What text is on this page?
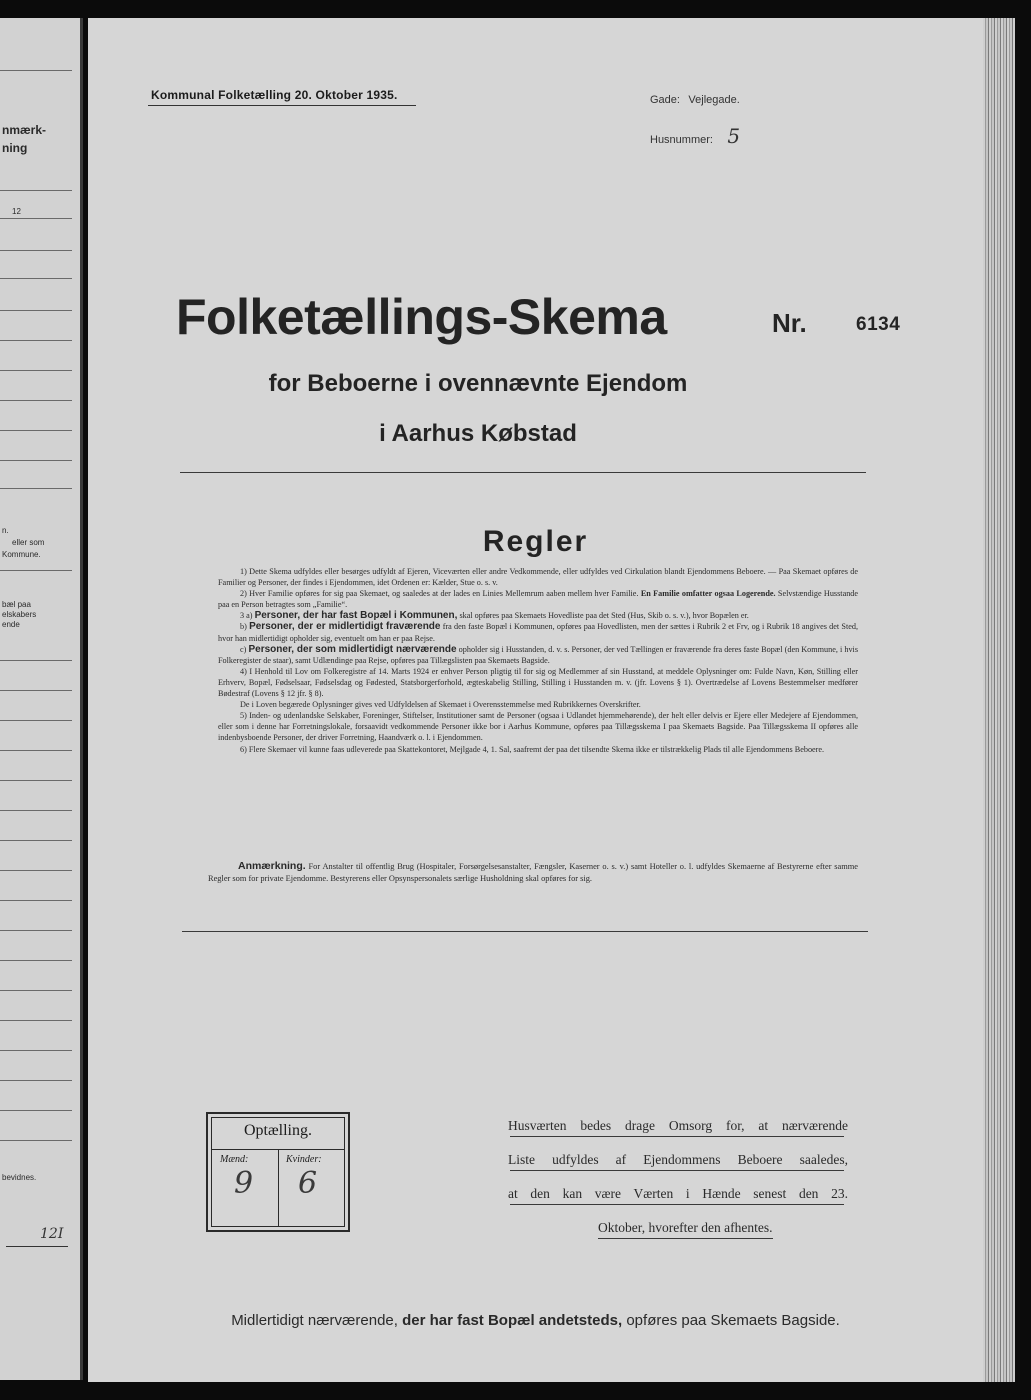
nmærk-
ning
12
n.
eller som
Kommune.
bæl paa
elskabers
ende
bevidnes.
12I
Kommunal Folketælling 20. Oktober 1935.	Gade: Vejlegade.
Husnummer: 5
Folketællings-Skema	Nr.	6134
for Beboerne i ovennævnte Ejendom
i Aarhus Købstad
Regler

1) Dette Skema udfyldes eller besørges udfyldt af Ejeren, Viceværten eller andre Vedkommende, eller udfyldes ved Cirkulation blandt Ejendommens Beboere. — Paa Skemaet opføres de Familier og Personer, der findes i Ejendommen, idet Ordenen er: Kælder, Stue o. s. v.

2) Hver Familie opføres for sig paa Skemaet, og saaledes at der lades en Linies Mellemrum aaben mellem hver Familie. En Familie omfatter ogsaa Logerende. Selvstændige Husstande paa en Person betragtes som „Familie“.

3 a) Personer, der har fast Bopæl i Kommunen, skal opføres paa Skemaets Hovedliste paa det Sted (Hus, Skib o. s. v.), hvor Bopælen er.

b) Personer, der er midlertidigt fraværende fra den faste Bopæl i Kommunen, opføres paa Hovedlisten, men der sættes i Rubrik 2 et Frv, og i Rubrik 18 angives det Sted, hvor han midlertidigt opholder sig, eventuelt om han er paa Rejse.

c) Personer, der som midlertidigt nærværende opholder sig i Husstanden, d. v. s. Personer, der ved Tællingen er fraværende fra deres faste Bopæl (den Kommune, i hvis Folkeregister de staar), samt Udlændinge paa Rejse, opføres paa Tillægslisten paa Skemaets Bagside.

4) I Henhold til Lov om Folkeregistre af 14. Marts 1924 er enhver Person pligtig til for sig og Medlemmer af sin Husstand, at meddele Oplysninger om: Fulde Navn, Køn, Stilling eller Erhverv, Bopæl, Fødselsaar, Fødselsdag og Fødested, Statsborgerforhold, ægteskabelig Stilling, Stilling i Husstanden m. v. (jfr. Lovens § 1). Overtrædelse af Lovens Bestemmelser medfører Bødestraf (Lovens § 12 jfr. § 8).

De i Loven begærede Oplysninger gives ved Udfyldelsen af Skemaet i Overensstemmelse med Rubrikkernes Overskrifter.

5) Inden- og udenlandske Selskaber, Foreninger, Stiftelser, Institutioner samt de Personer (ogsaa i Udlandet hjemmehørende), der helt eller delvis er Ejere eller Medejere af Ejendommen, eller som i denne har Forretningslokale, forsaavidt vedkommende Personer ikke bor i Aarhus Kommune, opføres paa Tillægsskema I paa Skemaets Bagside. Paa Tillægsskema II opføres alle indenbysboende Personer, der driver Forretning, Haandværk o. l. i Ejendommen.

6) Flere Skemaer vil kunne faas udleverede paa Skattekontoret, Mejlgade 4, 1. Sal, saafremt der paa det tilsendte Skema ikke er tilstrækkelig Plads til alle Ejendommens Beboere.

Anmærkning. For Anstalter til offentlig Brug (Hospitaler, Forsørgelsesanstalter, Fængsler, Kaserner o. s. v.) samt Hoteller o. l. udfyldes Skemaerne af Bestyrerne efter samme Regler som for private Ejendomme. Bestyrerens eller Opsynspersonalets særlige Husholdning skal opføres for sig.
Optælling.
Mænd:	Kvinder:
9 6
Husværten bedes drage Omsorg for, at nærværende
Liste udfyldes af Ejendommens Beboere saaledes,
at den kan være Værten i Hænde senest den 23.
Oktober, hvorefter den afhentes.
Midlertidigt nærværende, der har fast Bopæl andetsteds, opføres paa Skemaets Bagside.
